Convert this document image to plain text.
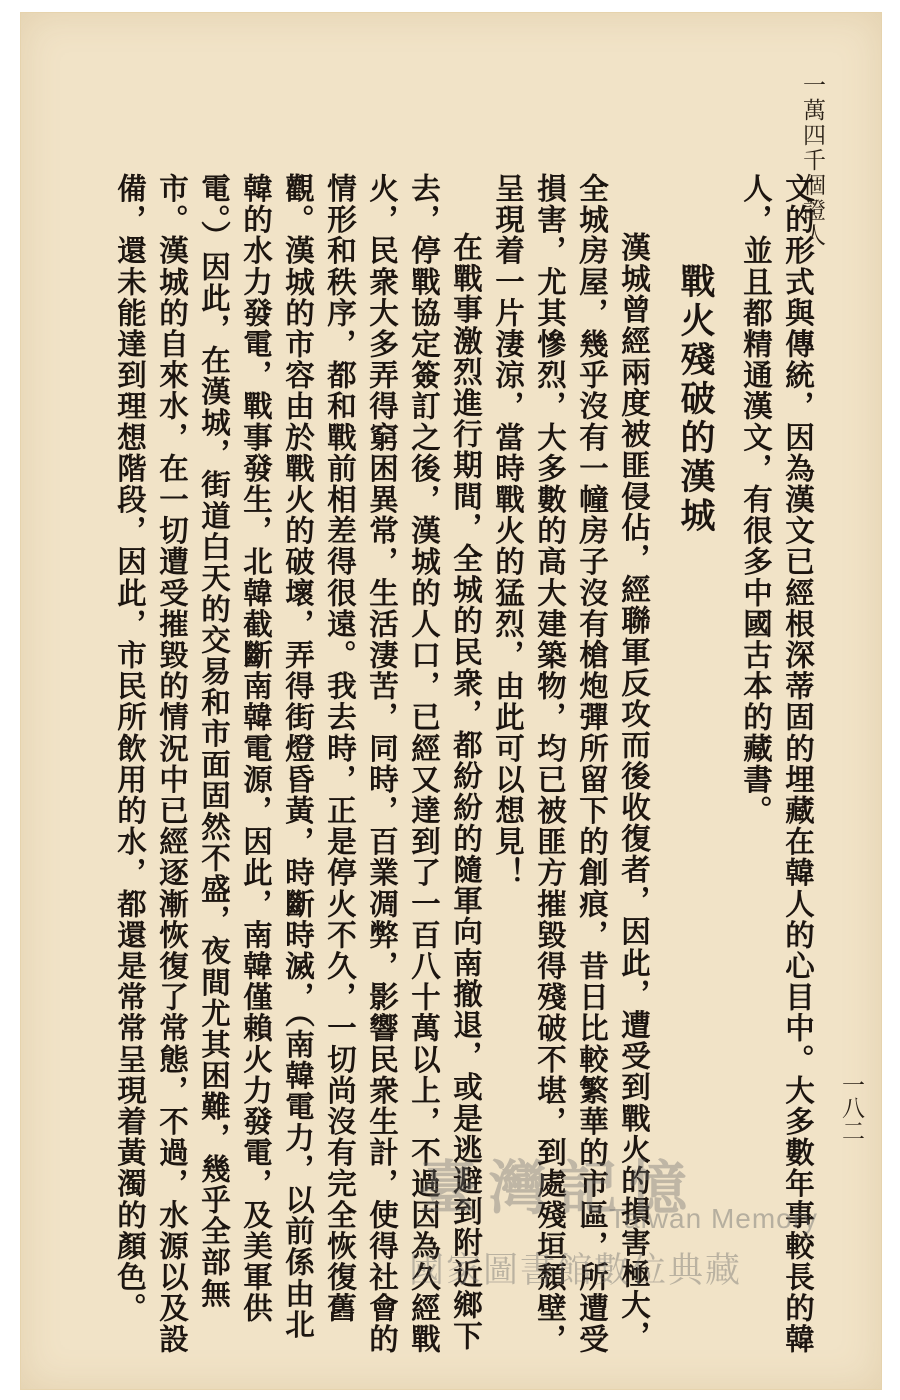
一萬四千個證人

文的形式與傳統，因為漢文已經根深蒂固的埋藏在韓人的心目中。大多數年事較長的韓人，並且都精通漢文，有很多中國古本的藏書。

戰火殘破的漢城

漢城曾經兩度被匪侵佔，經聯軍反攻而後收復者，因此，遭受到戰火的損害極大，全城房屋，幾乎沒有一幢房子沒有槍炮彈所留下的創痕，昔日比較繁華的市區，所遭受損害，尤其慘烈，大多數的高大建築物，均已被匪方摧毀得殘破不堪，到處殘垣頹壁，呈現着一片淒涼，當時戰火的猛烈，由此可以想見！

在戰事激烈進行期間，全城的民衆，都紛紛的隨軍向南撤退，或是逃避到附近鄉下去，停戰協定簽訂之後，漢城的人口，已經又達到了一百八十萬以上，不過因為久經戰火，民衆大多弄得窮困異常，生活淒苦，同時，百業凋弊，影響民衆生計，使得社會的情形和秩序，都和戰前相差得很遠。我去時，正是停火不久，一切尚沒有完全恢復舊觀。漢城的市容由於戰火的破壞，弄得街燈昏黃，時斷時滅，（南韓電力，以前係由北韓的水力發電，戰事發生，北韓截斷南韓電源，因此，南韓僅賴火力發電，及美軍供電。）因此，在漢城，街道白天的交易和市面固然不盛，夜間尤其困難，幾乎全部無市。漢城的自來水，在一切遭受摧毀的情況中已經逐漸恢復了常態，不過，水源以及設備，還未能達到理想階段，因此，市民所飲用的水，都還是常常呈現着黃濁的顏色。	一八二
臺灣記憶
Taiwan Memory
國家圖書館數位典藏
